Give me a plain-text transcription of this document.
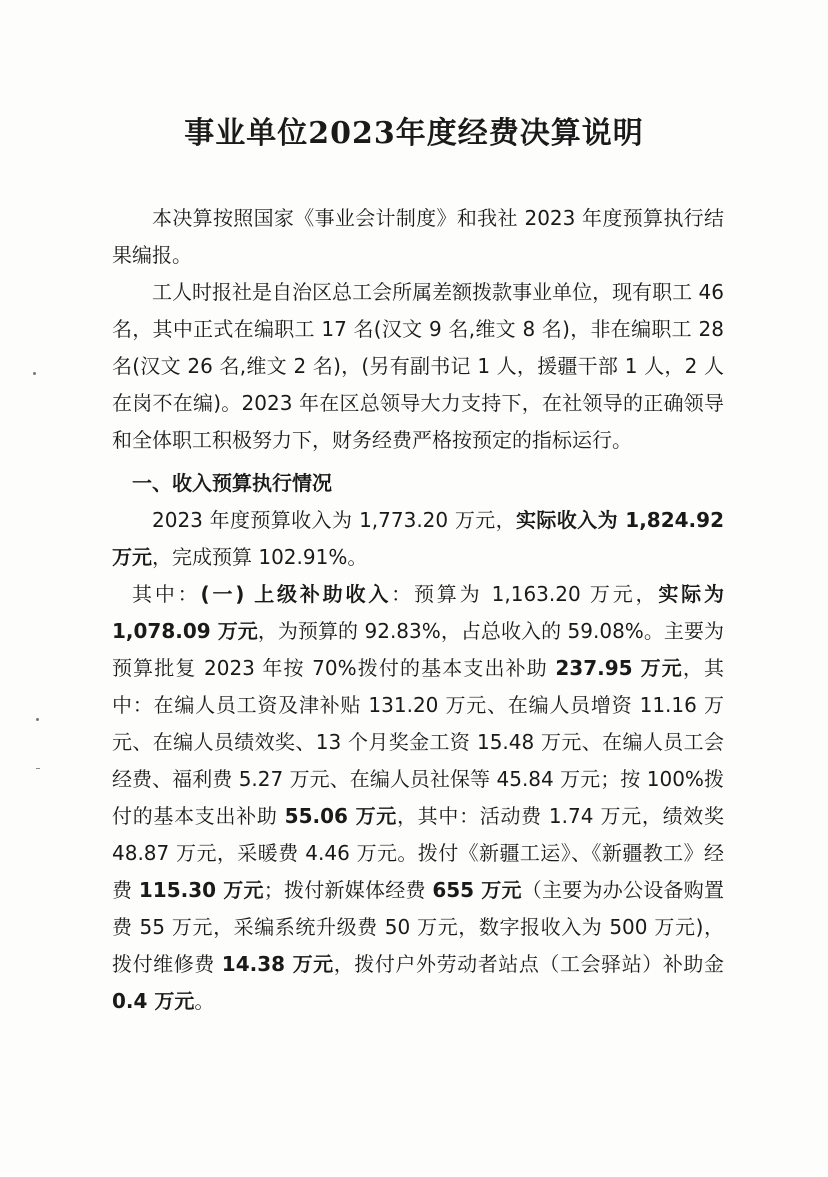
事业单位2023年度经费决算说明

本决算按照国家《事业会计制度》和我社 2023 年度预算执行结果编报。

工人时报社是自治区总工会所属差额拨款事业单位，现有职工 46 名，其中正式在编职工 17 名(汉文 9 名,维文 8 名)，非在编职工 28 名(汉文 26 名,维文 2 名)，(另有副书记 1 人，援疆干部 1 人，2 人在岗不在编)。2023 年在区总领导大力支持下，在社领导的正确领导和全体职工积极努力下，财务经费严格按预定的指标运行。

一、收入预算执行情况

2023 年度预算收入为 1,773.20 万元，实际收入为 1,824.92 万元，完成预算 102.91%。

其中：(一) 上级补助收入：预算为 1,163.20 万元，实际为 1,078.09 万元，为预算的 92.83%，占总收入的 59.08%。主要为预算批复 2023 年按 70%拨付的基本支出补助 237.95 万元，其中：在编人员工资及津补贴 131.20 万元、在编人员增资 11.16 万元、在编人员绩效奖、13 个月奖金工资 15.48 万元、在编人员工会经费、福利费 5.27 万元、在编人员社保等 45.84 万元；按 100%拨付的基本支出补助 55.06 万元，其中：活动费 1.74 万元，绩效奖 48.87 万元，采暖费 4.46 万元。拨付《新疆工运》、《新疆教工》经费 115.30 万元；拨付新媒体经费 655 万元（主要为办公设备购置费 55 万元，采编系统升级费 50 万元，数字报收入为 500 万元)，拨付维修费 14.38 万元，拨付户外劳动者站点（工会驿站）补助金 0.4 万元。
